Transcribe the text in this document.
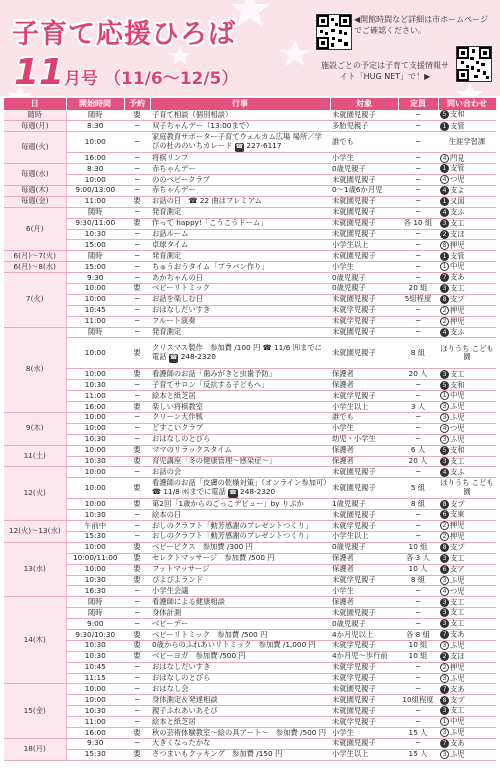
子育て応援ひろば
11 月号 （11/6〜12/5）
◀開館時間など詳細は市ホームページでご確認ください。
施設ごとの予定は子育て支援情報サイト「HUG NET」で！▶
日	開始時間	予約	行事	対象	定員	問い合わせ
随時	随時	要	子育て相談（個別相談）	未就園児親子	−	5 支和
毎週(月)	8:30	−	双子ちゃんデー（13:00まで）	多胎児親子	−	1 支管
毎週(火)	10:00	−	家庭教育サポーター子育てウェルカム広場 場所／学びの杜ののいちカレード ☎ 227-6117	誰でも	−	生涯学習課
	16:00	−	将棋リンプ	小学生	−	4 門見
毎週(水)	8:30	−	赤ちゃんデー	0歳児親子	−	1 支管
	10:00	−	ののベビークラブ	未就園児親子	−	4 つ児
毎週(木)	9:00/13:00	−	赤ちゃんデー	0〜1歳6か月児	−	4 支よ
毎週(金)	11:00	要	お話の日　☎ 22 曲はプレミアム	未就園児親子	−	1 又図
6(月)	随時	−	発育測定	未就園児親子	−	4 支ふ
	9:30/11:00	要	作って happy!「こうこうドーム」	未就園児親子	各 10 組	3 支工
	10:30	−	お話ルーム	未就園児親子	−	2 支ほ
	15:00	−	卓球タイム	小学生以上	−	8 押児
6(月)〜7(火)	随時	−	発育測定	未就園児親子	−	1 支管
6(月)〜8(水)	15:00	−	ちゅうおうタイム「プラバン作り」	小学生	−	1 中児
7(火)	9:30	−	あかちゃんの日	0歳児親子	−	7 支あ
	10:00	要	ベビーリトミック	0歳児親子	20 組	3 支工
	10:00	−	お話を楽しむ日	未就園児親子	5組程度	8 支プ
	10:45	−	おはなしだいすき	未就学児親子	−	2 押児
	11:00	−	フルート演奏	未就学児親子	−	2 押児
8(水)	随時	−	発育測定	未就園児親子	−	4 支ふ
	10:00	要	クリスマス製作　参加費 /100 円 ☎ 11/6 ㈪までに電話 ☎ 248-2320	未就園児親子	8 組	ほりうち こども園
	10:00	要	看護師のお話「歯みがきと虫歯予防」	保護者	20 人	3 支工
	10:30	−	子育てサロン「反抗する子どもへ」	保護者	−	5 支和
	11:00	−	絵本と紙芝居	未就学児親子	−	1 中児
	16:00	要	楽しい将棋教室	小学生以上	3 人	3 ふ児
9(木)	10:00	−	クリーン大作戦	誰でも	−	3 ふ児
	10:00	−	どすこいクラブ	小学生	−	4 つ児
	10:30	−	おはなしのとびら	幼児・小学生	−	3 ふ児
11(土)	10:00	要	ママのリラックスタイム	保護者	6 人	5 支和
	10:30	要	育児講座「冬の健康管理〜感染症〜」	保護者	20 人	3 支工
12(火)	10:00	−	お話の会	未就園児親子	−	4 支ふ
	10:00	要	看護師のお話「皮膚の乾燥対策」（オンライン参加可）☎ 11/8 ㈬までに電話 ☎ 248-2320	未就園児親子	5 組	ほりうち こども園
	10:00	要	第2回「1歳からのごっこデビュー」by りぷか	1歳児親子	8 組	8 支プ
	10:30	−	絵本の日	未就園児親子	−	6 支東
12(火)〜13(水)	午前中	−	おしのクラフト「動芳感謝のプレゼントつくり」	未就学児親子	−	2 押児
	15:30	−	おしのクラフト「動芳感謝のプレゼントつくり」	小学生以上	−	2 押児
13(水)	10:00	要	ベビービクス　参加費 /300 円	0歳児親子	10 組	8 支プ
	10:00/11:00	要	セレクトマッサージ　参加費 /500 円	保護者	各 3 人	3 支工
	10:00	要	フットマッサージ	保護者	10 人	6 支ア
	10:30	要	ぴよぴよランド	未就学児親子	8 組	3 ふ児
	16:30	−	小学生会議	小学生	−	4 つ児
14(木)	随時	−	看護師による健康相談	保護者	−	3 支工
	随時	−	身体計測	未就園児親子	−	3 支工
	9:00	−	ベビーデー	0歳児親子	−	3 支工
	9:30/10:30	要	ベビーリトミック　参加費 /500 円	4か月児以上	各 8 組	7 支あ
	10:30	要	0歳からのふれあいリトミック　参加費 /1,000 円	未就学児親子	10 組	3 ふ児
	10:30	要	ベビーヨガ　参加費 /500 円	4か月児〜歩行前	10 組	2 支ほ
	10:45	−	おはなしだいすき	未就学児親子	−	2 押児
	11:15	−	おはなしのとびら	未就学児親子	−	3 ふ児
15(金)	10:00	−	おはなし会	未就園児親子	−	7 支あ
	10:00	−	身体測定＆発達相談	未就園児親子	10組程度	8 支プ
	10:30	−	親子ふれあいあそび	未就園児親子	−	3 支工
	11:00	−	絵本と紙芝居	未就学児親子	−	1 中児
	16:00	要	秋の芸術体験教室〜絵の具アート〜　参加費 /500 円	小学生	15 人	3 ふ児
18(月)	9:30	−	大きくなったかな	未就園児親子	−	7 支あ
	15:30	要	さつまいもクッキング　参加費 /150 円	小学生以上	15 人	3 ふ児
